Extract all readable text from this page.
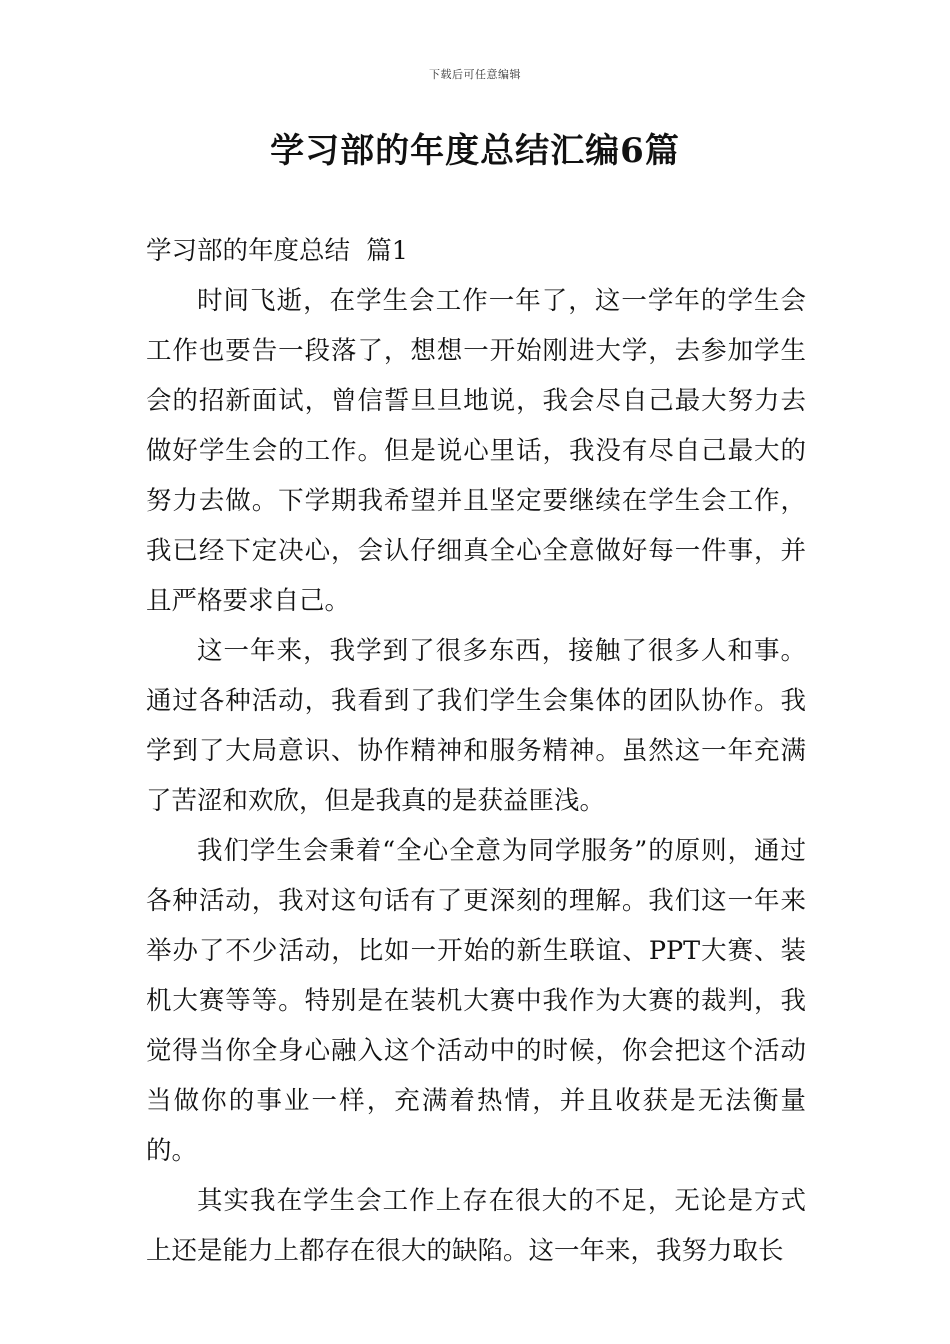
下载后可任意编辑
学习部的年度总结汇编6篇

学习部的年度总结  篇1

时间飞逝，在学生会工作一年了，这一学年的学生会工作也要告一段落了，想想一开始刚进大学，去参加学生会的招新面试，曾信誓旦旦地说，我会尽自己最大努力去做好学生会的工作。但是说心里话，我没有尽自己最大的努力去做。下学期我希望并且坚定要继续在学生会工作，我已经下定决心，会认仔细真全心全意做好每一件事，并且严格要求自己。

这一年来，我学到了很多东西，接触了很多人和事。通过各种活动，我看到了我们学生会集体的团队协作。我学到了大局意识、协作精神和服务精神。虽然这一年充满了苦涩和欢欣，但是我真的是获益匪浅。

我们学生会秉着“全心全意为同学服务”的原则，通过各种活动，我对这句话有了更深刻的理解。我们这一年来举办了不少活动，比如一开始的新生联谊、PPT大赛、装机大赛等等。特别是在装机大赛中我作为大赛的裁判，我觉得当你全身心融入这个活动中的时候，你会把这个活动当做你的事业一样，充满着热情，并且收获是无法衡量的。

其实我在学生会工作上存在很大的不足，无论是方式上还是能力上都存在很大的缺陷。这一年来，我努力取长
